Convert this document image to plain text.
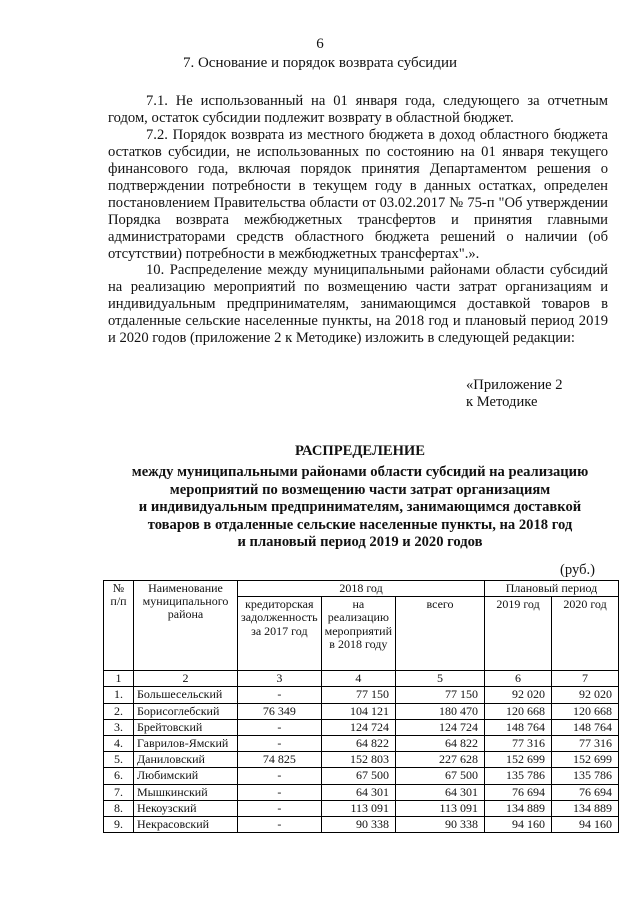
6
7. Основание и порядок возврата субсидии

7.1. Не использованный на 01 января года, следующего за отчетным годом, остаток субсидии подлежит возврату в областной бюджет.

7.2. Порядок возврата из местного бюджета в доход областного бюджета остатков субсидии, не использованных по состоянию на 01 января текущего финансового года, включая порядок принятия Департаментом решения о подтверждении потребности в текущем году в данных остатках, определен постановлением Правительства области от 03.02.2017 № 75-п "Об утверждении Порядка возврата межбюджетных трансфертов и принятия главными администраторами средств областного бюджета решений о наличии (об отсутствии) потребности в межбюджетных трансфертах".».

10. Распределение между муниципальными районами области субсидий на реализацию мероприятий по возмещению части затрат организациям и индивидуальным предпринимателям, занимающимся доставкой товаров в отдаленные сельские населенные пункты, на 2018 год и плановый период 2019 и 2020 годов (приложение 2 к Методике) изложить в следующей редакции:

«Приложение 2
к Методике
РАСПРЕДЕЛЕНИЕ
между муниципальными районами области субсидий на реализацию
мероприятий по возмещению части затрат организациям
и индивидуальным предпринимателям, занимающимся доставкой
товаров в отдаленные сельские населенные пункты, на 2018 год
и плановый период 2019 и 2020 годов
(руб.)
№ п/п	Наименование муниципального района	2018 год			Плановый период	
		кредиторская задолженность за 2017 год	на реализацию мероприятий в 2018 году	всего	2019 год	2020 год
1	2	3	4	5	6	7
1.	Большесельский	-	77 150	77 150	92 020	92 020
2.	Борисоглебский	76 349	104 121	180 470	120 668	120 668
3.	Брейтовский	-	124 724	124 724	148 764	148 764
4.	Гаврилов-Ямский	-	64 822	64 822	77 316	77 316
5.	Даниловский	74 825	152 803	227 628	152 699	152 699
6.	Любимский	-	67 500	67 500	135 786	135 786
7.	Мышкинский	-	64 301	64 301	76 694	76 694
8.	Некоузский	-	113 091	113 091	134 889	134 889
9.	Некрасовский	-	90 338	90 338	94 160	94 160
